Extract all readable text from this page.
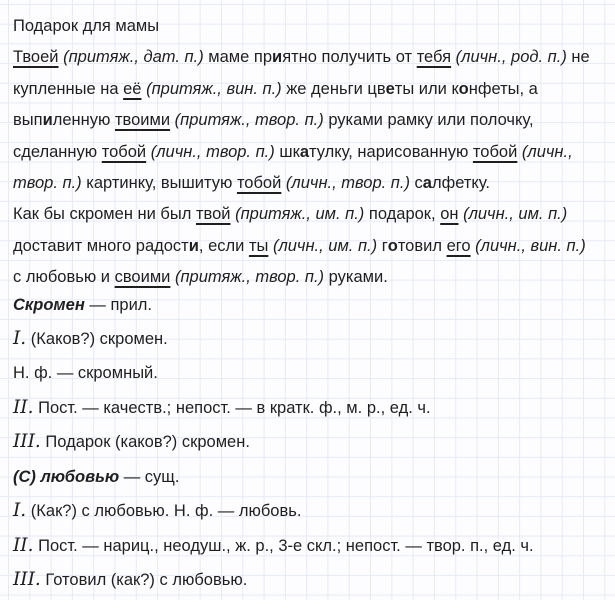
Подарок для мамы
Твоей (притяж., дат. п.) маме приятно получить от тебя (личн., род. п.) не
купленные на её (притяж., вин. п.) же деньги цветы или конфеты, а
выпиленную твоими (притяж., твор. п.) руками рамку или полочку,
сделанную тобой (личн., твор. п.) шкатулку, нарисованную тобой (личн.,
твор. п.) картинку, вышитую тобой (личн., твор. п.) салфетку.
Как бы скромен ни был твой (притяж., им. п.) подарок, он (личн., им. п.)
доставит много радости, если ты (личн., им. п.) готовил его (личн., вин. п.)
с любовью и своими (притяж., твор. п.) руками.
Скромен — прил.
I. (Каков?) скромен.
Н. ф. — скромный.
II. Пост. — качеств.; непост. — в кратк. ф., м. р., ед. ч.
III. Подарок (каков?) скромен.
(С) любовью — сущ.
I. (Как?) с любовью. Н. ф. — любовь.
II. Пост. — нариц., неодуш., ж. р., 3-е скл.; непост. — твор. п., ед. ч.
III. Готовил (как?) с любовью.
